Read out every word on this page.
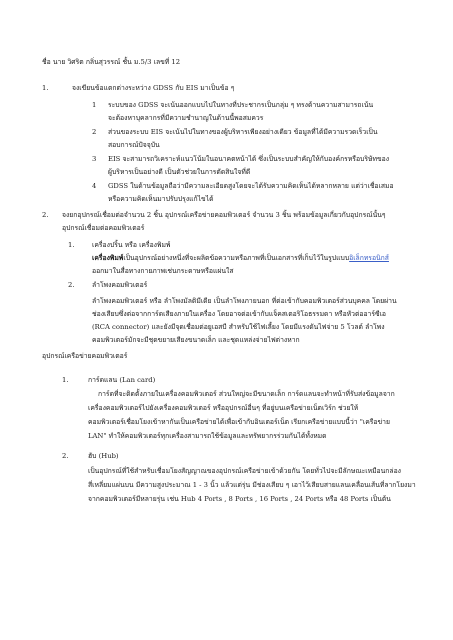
ชื่อ นาย วิศริต กลิ่นสุวรรณ์ ชั้น ม.5/3 เลขที่ 12
1.	จงเขียนข้อแตกต่างระหว่าง GDSS กับ EIS มาเป็นข้อ ๆ
1 ระบบของ GDSS จะเน้นออกแบบไปในทางที่ประชากรเป็นกลุ่ม ๆ ทรงด้านความสามารถเน้น
จะต้องหาบุคลากรที่มีความชำนาญในด้านนี้พอสมควร
2 ส่วนของระบบ EIS จะเน้นไปในทางของผู้บริหารเพียงอย่างเดียว ข้อมูลที่ได้มีความรวดเร็วเป็น
สอบการณ์ปัจจุบัน
3 EIS จะสามารถวิเคราะห์แนวโน้มในอนาคตหน้าได้ ซึ่งเป็นระบบสำคัญให้กับองค์กรหรือบริษัทของ
ผู้บริหารเป็นอย่างดี เป็นตัวช่วยในการตัดสินใจที่ดี
4 GDSS ในด้านข้อมูลถือว่ามีความละเอียดสูงโดยจะได้รับความคิดเห็นได้หลากหลาย แต่ว่าเชื่อเสมอ
หรือความคิดเห็นมาปรับปรุงแก้ไขได้
2. จงยกอุปกรณ์เชื่อมต่อจำนวน 2 ชิ้น อุปกรณ์เครือข่ายคอมพิวเตอร์ จำนวน 3 ชิ้น พร้อมข้อมูลเกี่ยวกับอุปกรณ์นั้นๆ
อุปกรณ์เชื่อมต่อคอมพิวเตอร์
1.	เครื่องปริ้น หรือ เครื่องพิมพ์
เครื่องพิมพ์เป็นอุปกรณ์อย่างหนึ่งที่จะผลิตข้อความหรือภาพที่เป็นเอกสารที่เก็บไว้ในรูปแบบอิเล็กทรอนิกส์
ออกมาในสื่อทางกายภาพเช่นกระดาษหรือแผ่นใส
2.	ลำโพงคอมพิวเตอร์
ลำโพงคอมพิวเตอร์ หรือ ลำโพงมัลติมีเดีย เป็นลำโพงภายนอก ที่ต่อเข้ากับคอมพิวเตอร์ส่วนบุคคล โดยผ่าน
ช่องเสียบซึ่งต่อจากการ์ดเสียงภายในเครื่อง โดยอาจต่อเข้ากับแจ็คสเตอริโอธรรมดา หรือหัวต่ออาร์ซีเอ
(RCA connector) และยังมีจุดเชื่อมต่อยูเอสบี สำหรับใช้ไฟเลี้ยง โดยมีแรงดันไฟจ่าย 5 โวลต์ ลำโพง
คอมพิวเตอร์มักจะมีชุดขยายเสียงขนาดเล็ก และชุดแหล่งจ่ายไฟต่างหาก
อุปกรณ์เครือข่ายคอมพิวเตอร์
1.	การ์ดแลน (Lan card)
การ์ดที่จะติดตั้งภายในเครื่องคอมพิวเตอร์ ส่วนใหญ่จะมีขนาดเล็ก การ์ดแลนจะทำหน้าที่รับส่งข้อมูลจาก
เครื่องคอมพิวเตอร์ไปยังเครื่องคอมพิวเตอร์ หรืออุปกรณ์อื่นๆ ที่อยู่บนเครือข่ายเน็ตเวิร์ก ช่วยให้
คอมพิวเตอร์เชื่อมโยงเข้าหากันเป็นเครือข่ายได้เพื่อเข้ากับอินเตอร์เน็ต เรียกเครือข่ายแบบนี้ว่า "เครือข่าย
LAN" ทำให้คอมพิวเตอร์ทุกเครื่องสามารถใช้ข้อมูลและทรัพยากรร่วมกันได้ทั้งหมด
2.	ฮับ (Hub)
เป็นอุปกรณ์ที่ใช้สำหรับเชื่อมโยงสัญญาณของอุปกรณ์เครือข่ายเข้าด้วยกัน โดยทั่วไปจะมีลักษณะเหมือนกล่อง
สี่เหลี่ยมแผ่นบน มีความสูงประมาณ 1 - 3 นิ้ว แล้วแต่รุ่น มีช่องเสียบ ๆ เอาไว้เสียบสายแลนเคลื่อนเส้นที่ลากโยงมา
จากคอมพิวเตอร์มีหลายรุ่น เช่น Hub 4 Ports , 8 Ports , 16 Ports , 24 Ports หรือ 48 Ports เป็นต้น
